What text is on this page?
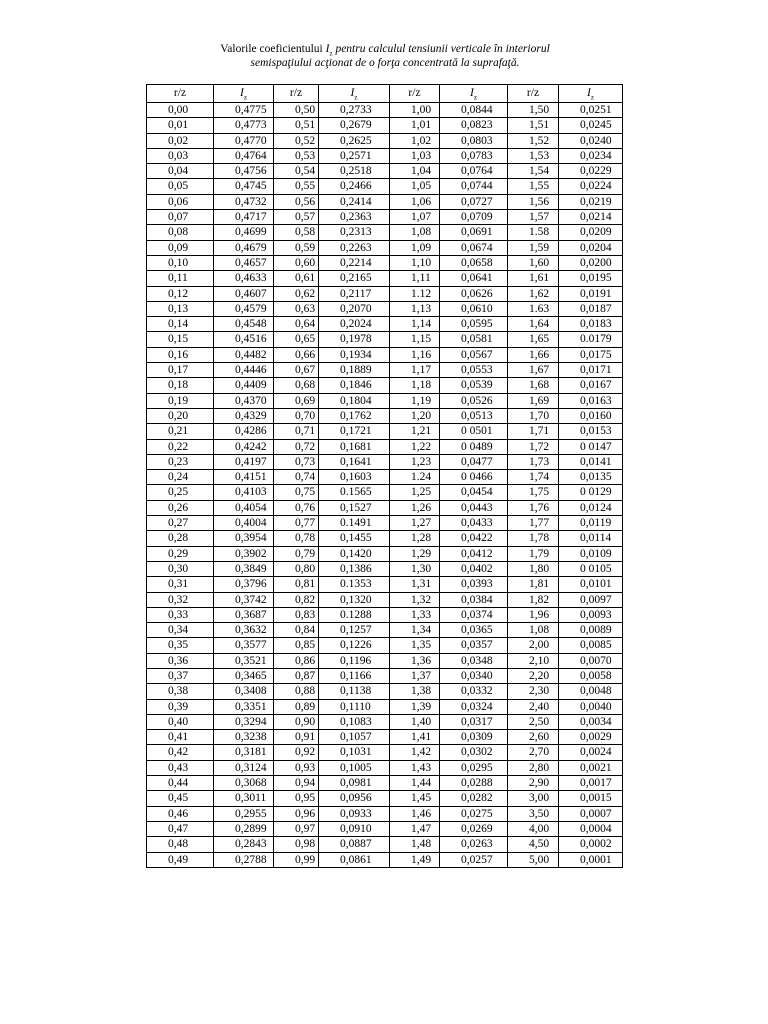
Valorile coeficientului $I_z$ pentru calculul tensiunii verticale în interiorul
semispaţiului acţionat de o forţa concentrată la suprafaţă.
r/z	$I_z$	r/z	$I_z$	r/z	$I_z$	r/z	$I_z$
0,00	0,4775	0,50	0,2733	1,00	0,0844	1,50	0,0251
0,01	0,4773	0,51	0,2679	1,01	0,0823	1,51	0,0245
0,02	0,4770	0,52	0,2625	1,02	0,0803	1,52	0,0240
0,03	0,4764	0,53	0,2571	1,03	0,0783	1,53	0,0234
0,04	0,4756	0,54	0,2518	1,04	0,0764	1,54	0,0229
0,05	0,4745	0,55	0,2466	1,05	0,0744	1,55	0,0224
0,06	0,4732	0,56	0,2414	1,06	0,0727	1,56	0,0219
0,07	0,4717	0,57	0,2363	1,07	0,0709	1,57	0,0214
0,08	0,4699	0,58	0,2313	1,08	0,0691	1.58	0,0209
0,09	0,4679	0,59	0,2263	1,09	0,0674	1,59	0,0204
0,10	0,4657	0,60	0,2214	1,10	0,0658	1,60	0,0200
0,11	0,4633	0,61	0,2165	1,11	0,0641	1,61	0,0195
0,12	0,4607	0,62	0,2117	1.12	0,0626	1,62	0,0191
0,13	0,4579	0,63	0,2070	1,13	0,0610	1.63	0,0187
0,14	0,4548	0,64	0,2024	1,14	0,0595	1,64	0,0183
0,15	0,4516	0,65	0,1978	1,15	0,0581	1,65	0.0179
0,16	0,4482	0,66	0,1934	1,16	0,0567	1,66	0,0175
0,17	0,4446	0,67	0,1889	1,17	0,0553	1,67	0,0171
0,18	0,4409	0,68	0,1846	1,18	0,0539	1,68	0,0167
0,19	0,4370	0,69	0,1804	1,19	0,0526	1,69	0,0163
0,20	0,4329	0,70	0,1762	1,20	0,0513	1,70	0,0160
0,21	0,4286	0,71	0,1721	1,21	0 0501	1,71	0,0153
0,22	0,4242	0,72	0,1681	1,22	0 0489	1,72	0 0147
0,23	0,4197	0,73	0,1641	1,23	0,0477	1,73	0,0141
0,24	0,4151	0,74	0,1603	1.24	0 0466	1,74	0,0135
0,25	0,4103	0,75	0.1565	1,25	0,0454	1,75	0 0129
0,26	0,4054	0,76	0,1527	1,26	0,0443	1,76	0,0124
0,27	0,4004	0,77	0.1491	1,27	0,0433	1,77	0,0119
0,28	0,3954	0,78	0,1455	1,28	0,0422	1,78	0,0114
0,29	0,3902	0,79	0,1420	1,29	0,0412	1,79	0,0109
0,30	0,3849	0,80	0,1386	1,30	0,0402	1,80	0 0105
0,31	0,3796	0,81	0.1353	1,31	0,0393	1,81	0,0101
0,32	0,3742	0,82	0,1320	1,32	0,0384	1,82	0,0097
0,33	0,3687	0,83	0.1288	1,33	0,0374	1,96	0,0093
0,34	0,3632	0,84	0,1257	1,34	0,0365	1,08	0,0089
0,35	0,3577	0,85	0,1226	1,35	0,0357	2,00	0,0085
0,36	0,3521	0,86	0,1196	1,36	0,0348	2,10	0,0070
0,37	0,3465	0,87	0,1166	1,37	0,0340	2,20	0,0058
0,38	0,3408	0,88	0,1138	1,38	0,0332	2,30	0,0048
0,39	0,3351	0,89	0,1110	1,39	0,0324	2,40	0,0040
0,40	0,3294	0,90	0,1083	1,40	0,0317	2,50	0,0034
0,41	0,3238	0,91	0,1057	1,41	0,0309	2,60	0,0029
0,42	0,3181	0,92	0,1031	1,42	0,0302	2,70	0,0024
0,43	0,3124	0,93	0,1005	1,43	0,0295	2,80	0,0021
0,44	0,3068	0,94	0,0981	1,44	0,0288	2,90	0,0017
0,45	0,3011	0,95	0,0956	1,45	0,0282	3,00	0,0015
0,46	0,2955	0,96	0,0933	1,46	0,0275	3,50	0,0007
0,47	0,2899	0,97	0,0910	1,47	0,0269	4,00	0,0004
0,48	0,2843	0,98	0,0887	1,48	0,0263	4,50	0,0002
0,49	0,2788	0,99	0,0861	1,49	0,0257	5,00	0,0001
